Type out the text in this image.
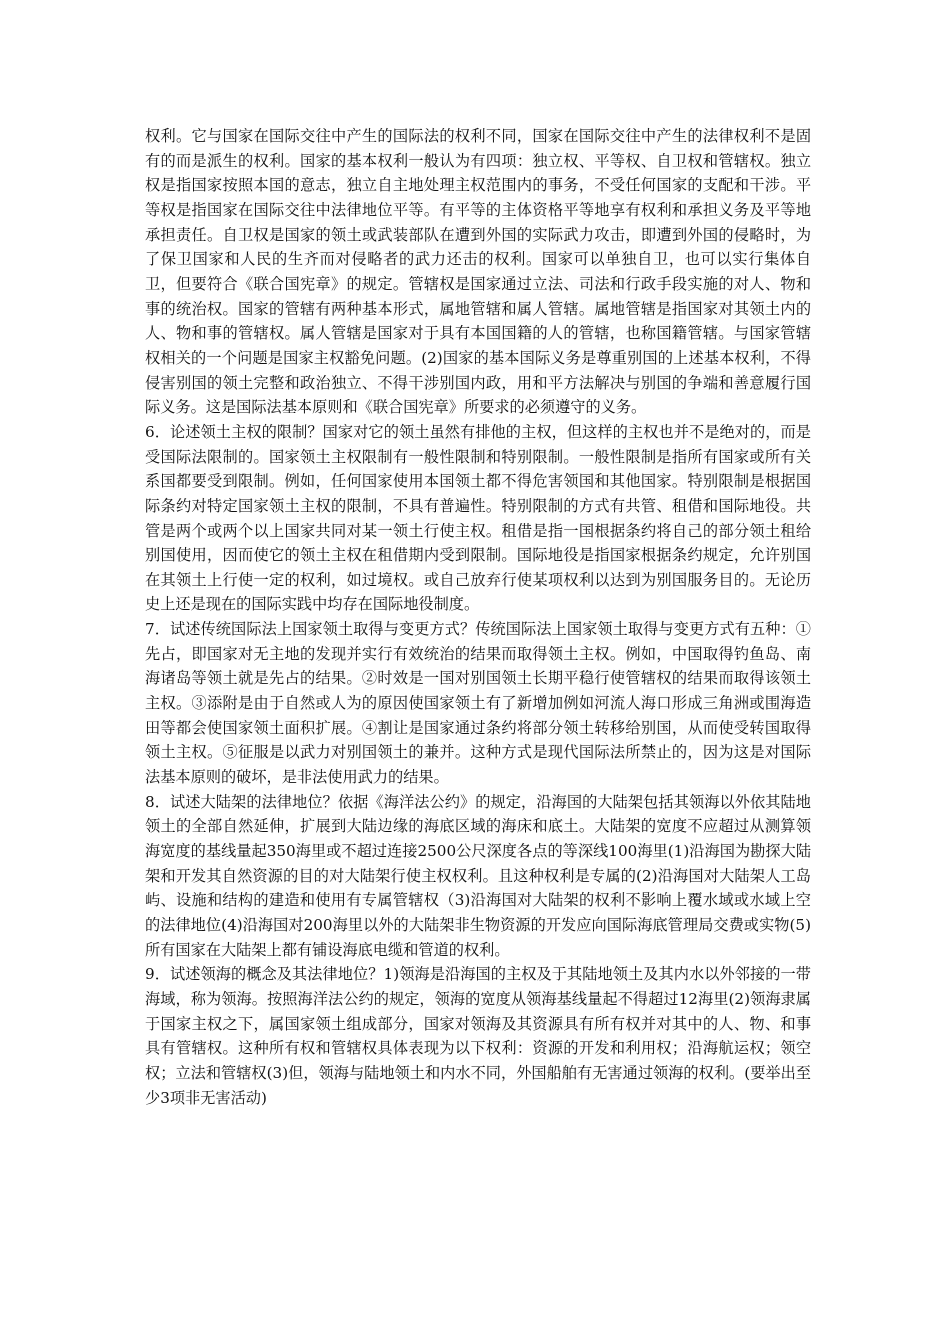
权利。它与国家在国际交往中产生的国际法的权利不同，国家在国际交往中产生的法律权利不是固有的而是派生的权利。国家的基本权利一般认为有四项：独立权、平等权、自卫权和管辖权。独立权是指国家按照本国的意志，独立自主地处理主权范围内的事务，不受任何国家的支配和干涉。平等权是指国家在国际交往中法律地位平等。有平等的主体资格平等地享有权利和承担义务及平等地承担责任。自卫权是国家的领土或武装部队在遭到外国的实际武力攻击，即遭到外国的侵略时，为了保卫国家和人民的生齐而对侵略者的武力还击的权利。国家可以单独自卫，也可以实行集体自卫，但要符合《联合国宪章》的规定。管辖权是国家通过立法、司法和行政手段实施的对人、物和事的统治权。国家的管辖有两种基本形式，属地管辖和属人管辖。属地管辖是指国家对其领土内的人、物和事的管辖权。属人管辖是国家对于具有本国国籍的人的管辖，也称国籍管辖。与国家管辖权相关的一个问题是国家主权豁免问题。(2)国家的基本国际义务是尊重别国的上述基本权利，不得侵害别国的领土完整和政治独立、不得干涉别国内政，用和平方法解决与别国的争端和善意履行国际义务。这是国际法基本原则和《联合国宪章》所要求的必须遵守的义务。

6．论述领土主权的限制？国家对它的领土虽然有排他的主权，但这样的主权也并不是绝对的，而是受国际法限制的。国家领土主权限制有一般性限制和特别限制。一般性限制是指所有国家或所有关系国都要受到限制。例如，任何国家使用本国领土都不得危害领国和其他国家。特别限制是根据国际条约对特定国家领土主权的限制，不具有普遍性。特别限制的方式有共管、租借和国际地役。共管是两个或两个以上国家共同对某一领土行使主权。租借是指一国根据条约将自己的部分领土租给别国使用，因而使它的领土主权在租借期内受到限制。国际地役是指国家根据条约规定，允许别国在其领土上行使一定的权利，如过境权。或自己放弃行使某项权利以达到为别国服务目的。无论历史上还是现在的国际实践中均存在国际地役制度。

7．试述传统国际法上国家领土取得与变更方式？传统国际法上国家领土取得与变更方式有五种：①先占，即国家对无主地的发现并实行有效统治的结果而取得领土主权。例如，中国取得钓鱼岛、南海诸岛等领土就是先占的结果。②时效是一国对别国领土长期平稳行使管辖权的结果而取得该领土主权。③添附是由于自然或人为的原因使国家领土有了新增加例如河流人海口形成三角洲或围海造田等都会使国家领土面积扩展。④割让是国家通过条约将部分领土转移给别国，从而使受转国取得领土主权。⑤征服是以武力对别国领土的兼并。这种方式是现代国际法所禁止的，因为这是对国际法基本原则的破坏，是非法使用武力的结果。

8．试述大陆架的法律地位？依据《海洋法公约》的规定，沿海国的大陆架包括其领海以外依其陆地领土的全部自然延伸，扩展到大陆边缘的海底区域的海床和底土。大陆架的宽度不应超过从测算领海宽度的基线量起350海里或不超过连接2500公尺深度各点的等深线100海里(1)沿海国为勘探大陆架和开发其自然资源的目的对大陆架行使主权权利。且这种权利是专属的(2)沿海国对大陆架人工岛屿、设施和结构的建造和使用有专属管辖权（3)沿海国对大陆架的权利不影响上覆水域或水域上空的法律地位(4)沿海国对200海里以外的大陆架非生物资源的开发应向国际海底管理局交费或实物(5)所有国家在大陆架上都有铺设海底电缆和管道的权利。

9．试述领海的概念及其法律地位？1)领海是沿海国的主权及于其陆地领土及其内水以外邻接的一带海域，称为领海。按照海洋法公约的规定，领海的宽度从领海基线量起不得超过12海里(2)领海隶属于国家主权之下，属国家领土组成部分，国家对领海及其资源具有所有权并对其中的人、物、和事具有管辖权。这种所有权和管辖权具体表现为以下权利：资源的开发和利用权；沿海航运权；领空权；立法和管辖权(3)但，领海与陆地领土和内水不同，外国船舶有无害通过领海的权利。(要举出至少3项非无害活动)
